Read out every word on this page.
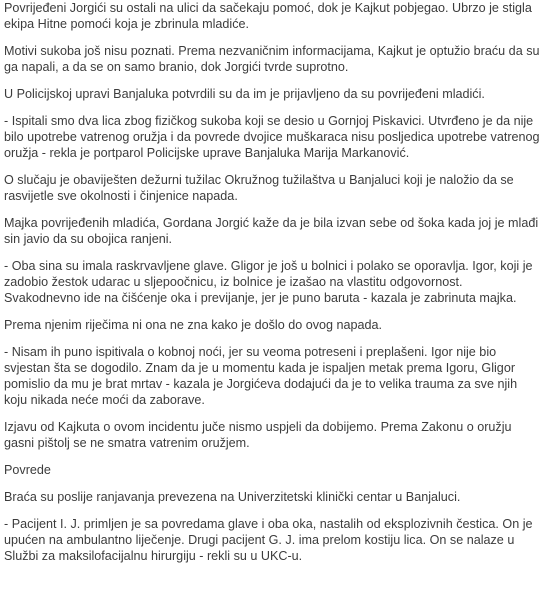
Povrijeđeni Jorgići su ostali na ulici da sačekaju pomoć, dok je Kajkut pobjegao. Ubrzo je stigla ekipa Hitne pomoći koja je zbrinula mladiće.

Motivi sukoba još nisu poznati. Prema nezvaničnim informacijama, Kajkut je optužio braću da su ga napali, a da se on samo branio, dok Jorgići tvrde suprotno.

U Policijskoj upravi Banjaluka potvrdili su da im je prijavljeno da su povrijeđeni mladići.

- Ispitali smo dva lica zbog fizičkog sukoba koji se desio u Gornjoj Piskavici. Utvrđeno je da nije bilo upotrebe vatrenog oružja i da povrede dvojice muškaraca nisu posljedica upotrebe vatrenog oružja - rekla je portparol Policijske uprave Banjaluka Marija Markanović.

O slučaju je obaviješten dežurni tužilac Okružnog tužilaštva u Banjaluci koji je naložio da se rasvijetle sve okolnosti i činjenice napada.

Majka povrijeđenih mladića, Gordana Jorgić kaže da je bila izvan sebe od šoka kada joj je mlađi sin javio da su obojica ranjeni.

- Oba sina su imala raskrvavljene glave. Gligor je još u bolnici i polako se oporavlja. Igor, koji je zadobio žestok udarac u sljepoočnicu, iz bolnice je izašao na vlastitu odgovornost. Svakodnevno ide na čišćenje oka i previjanje, jer je puno baruta - kazala je zabrinuta majka.

Prema njenim riječima ni ona ne zna kako je došlo do ovog napada.

- Nisam ih puno ispitivala o kobnoj noći, jer su veoma potreseni i preplašeni. Igor nije bio svjestan šta se dogodilo. Znam da je u momentu kada je ispaljen metak prema Igoru, Gligor pomislio da mu je brat mrtav - kazala je Jorgićeva dodajući da je to velika trauma za sve njih koju nikada neće moći da zaborave.

Izjavu od Kajkuta o ovom incidentu juče nismo uspjeli da dobijemo. Prema Zakonu o oružju gasni pištolj se ne smatra vatrenim oružjem.

Povrede

Braća su poslije ranjavanja prevezena na Univerzitetski klinički centar u Banjaluci.

- Pacijent I. J. primljen je sa povredama glave i oba oka, nastalih od eksplozivnih čestica. On je upućen na ambulantno liječenje. Drugi pacijent G. J. ima prelom kostiju lica. On se nalaze u Službi za maksilofacijalnu hirurgiju - rekli su u UKC-u.
